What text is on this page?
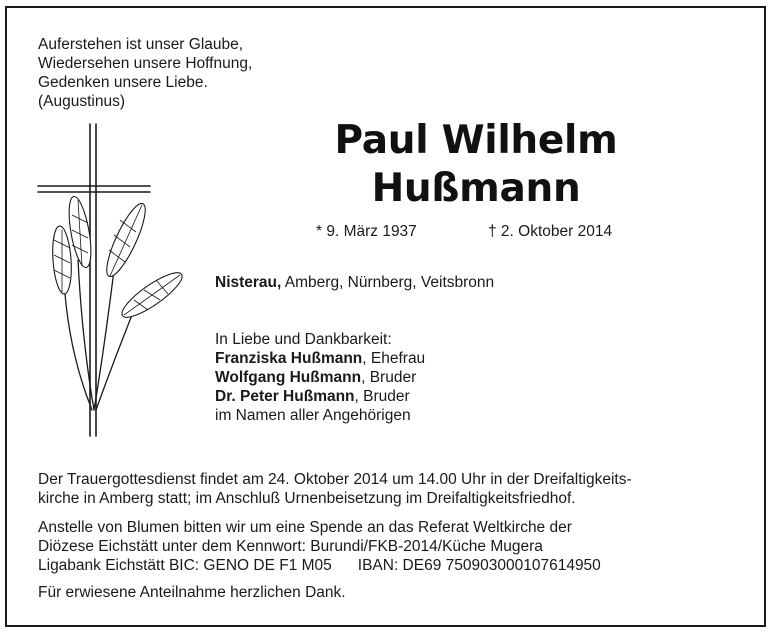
Auferstehen ist unser Glaube,
Wiedersehen unsere Hoffnung,
Gedenken unsere Liebe.
(Augustinus)
Paul Wilhelm
Hußmann
* 9. März 1937	† 2. Oktober 2014
Nisterau, Amberg, Nürnberg, Veitsbronn
In Liebe und Dankbarkeit:
Franziska Hußmann, Ehefrau
Wolfgang Hußmann, Bruder
Dr. Peter Hußmann, Bruder
im Namen aller Angehörigen
Der Trauergottesdienst findet am 24. Oktober 2014 um 14.00 Uhr in der Dreifaltigkeits-
kirche in Amberg statt; im Anschluß Urnenbeisetzung im Dreifaltigkeitsfriedhof.
Anstelle von Blumen bitten wir um eine Spende an das Referat Weltkirche der
Diözese Eichstätt unter dem Kennwort: Burundi/FKB-2014/Küche Mugera
Ligabank Eichstätt BIC: GENO DE F1 M05 IBAN: DE69 750903000107614950
Für erwiesene Anteilnahme herzlichen Dank.
